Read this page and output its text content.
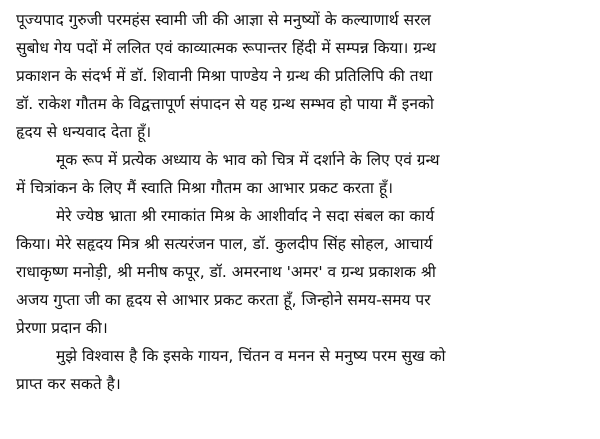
पूज्यपाद गुरुजी परमहंस स्वामी जी की आज्ञा से मनुष्यों के कल्याणार्थ सरल
सुबोध गेय पदों में ललित एवं काव्यात्मक रूपान्तर हिंदी में सम्पन्न किया। ग्रन्थ
प्रकाशन के संदर्भ में डॉ. शिवानी मिश्रा पाण्डेय ने ग्रन्थ की प्रतिलिपि की तथा
डॉ. राकेश गौतम के विद्वत्तापूर्ण संपादन से यह ग्रन्थ सम्भव हो पाया मैं इनको
हृदय से धन्यवाद देता हूँ।
मूक रूप में प्रत्येक अध्याय के भाव को चित्र में दर्शाने के लिए एवं ग्रन्थ
में चित्रांकन के लिए मैं स्वाति मिश्रा गौतम का आभार प्रकट करता हूँ।
मेरे ज्येष्ठ भ्राता श्री रमाकांत मिश्र के आशीर्वाद ने सदा संबल का कार्य
किया। मेरे सहृदय मित्र श्री सत्यरंजन पाल, डॉ. कुलदीप सिंह सोहल, आचार्य
राधाकृष्ण मनोड़ी, श्री मनीष कपूर, डॉ. अमरनाथ 'अमर' व ग्रन्थ प्रकाशक श्री
अजय गुप्ता जी का हृदय से आभार प्रकट करता हूँ, जिन्होने समय-समय पर
प्रेरणा प्रदान की।
मुझे विश्वास है कि इसके गायन, चिंतन व मनन से मनुष्य परम सुख को
प्राप्त कर सकते है।
